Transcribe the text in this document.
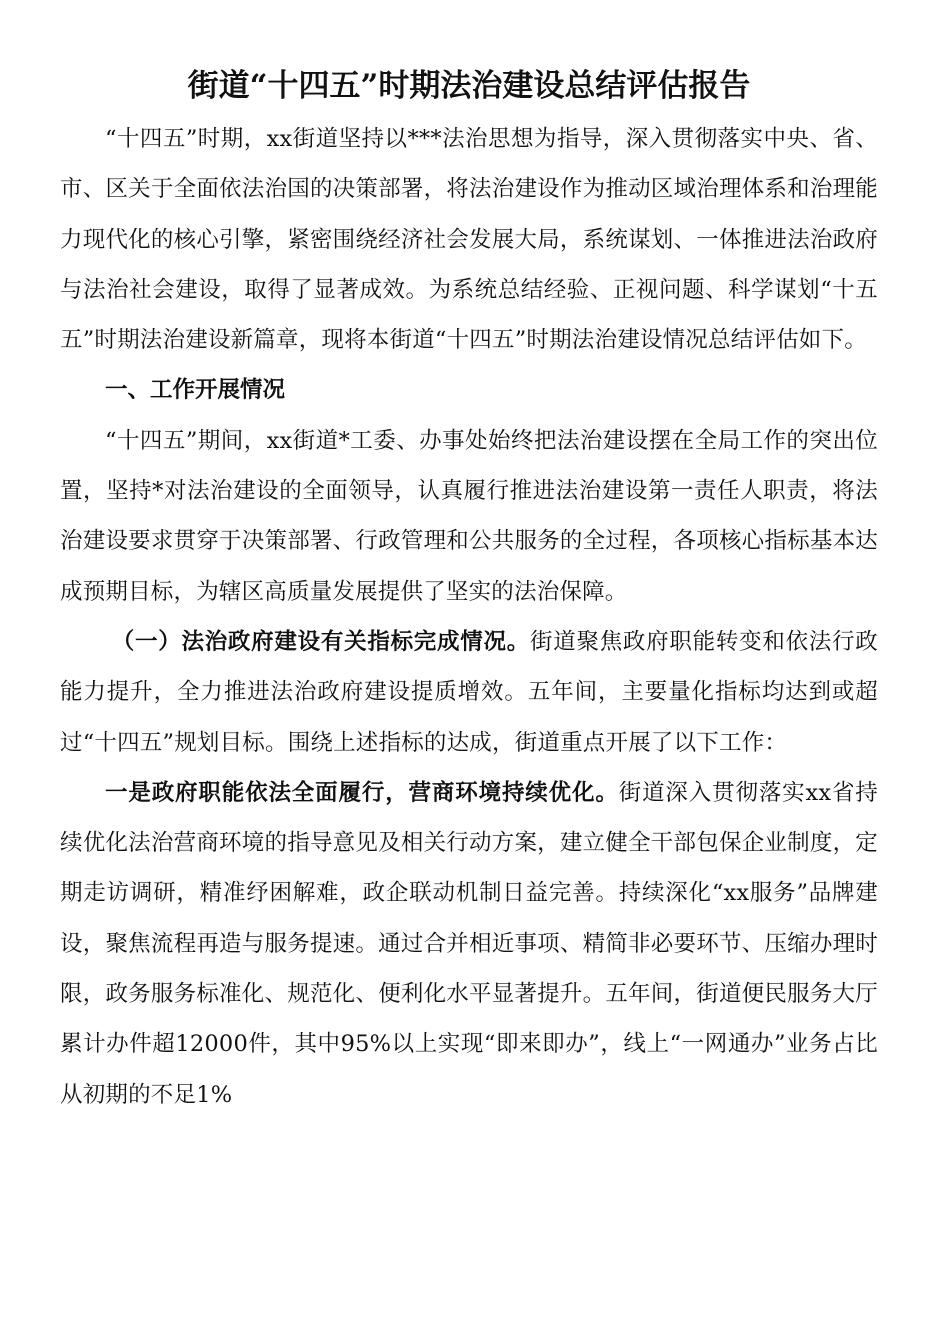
街道“十四五”时期法治建设总结评估报告

“十四五”时期，xx街道坚持以***法治思想为指导，深入贯彻落实中央、省、市、区关于全面依法治国的决策部署，将法治建设作为推动区域治理体系和治理能力现代化的核心引擎，紧密围绕经济社会发展大局，系统谋划、一体推进法治政府与法治社会建设，取得了显著成效。为系统总结经验、正视问题、科学谋划“十五五”时期法治建设新篇章，现将本街道“十四五”时期法治建设情况总结评估如下。

一、工作开展情况

“十四五”期间，xx街道*工委、办事处始终把法治建设摆在全局工作的突出位置，坚持*对法治建设的全面领导，认真履行推进法治建设第一责任人职责，将法治建设要求贯穿于决策部署、行政管理和公共服务的全过程，各项核心指标基本达成预期目标，为辖区高质量发展提供了坚实的法治保障。

（一）法治政府建设有关指标完成情况。街道聚焦政府职能转变和依法行政能力提升，全力推进法治政府建设提质增效。五年间，主要量化指标均达到或超过“十四五”规划目标。围绕上述指标的达成，街道重点开展了以下工作：

一是政府职能依法全面履行，营商环境持续优化。街道深入贯彻落实xx省持续优化法治营商环境的指导意见及相关行动方案，建立健全干部包保企业制度，定期走访调研，精准纾困解难，政企联动机制日益完善。持续深化“xx服务”品牌建设，聚焦流程再造与服务提速。通过合并相近事项、精简非必要环节、压缩办理时限，政务服务标准化、规范化、便利化水平显著提升。五年间，街道便民服务大厅累计办件超12000件，其中95%以上实现“即来即办”，线上“一网通办”业务占比从初期的不足1%
